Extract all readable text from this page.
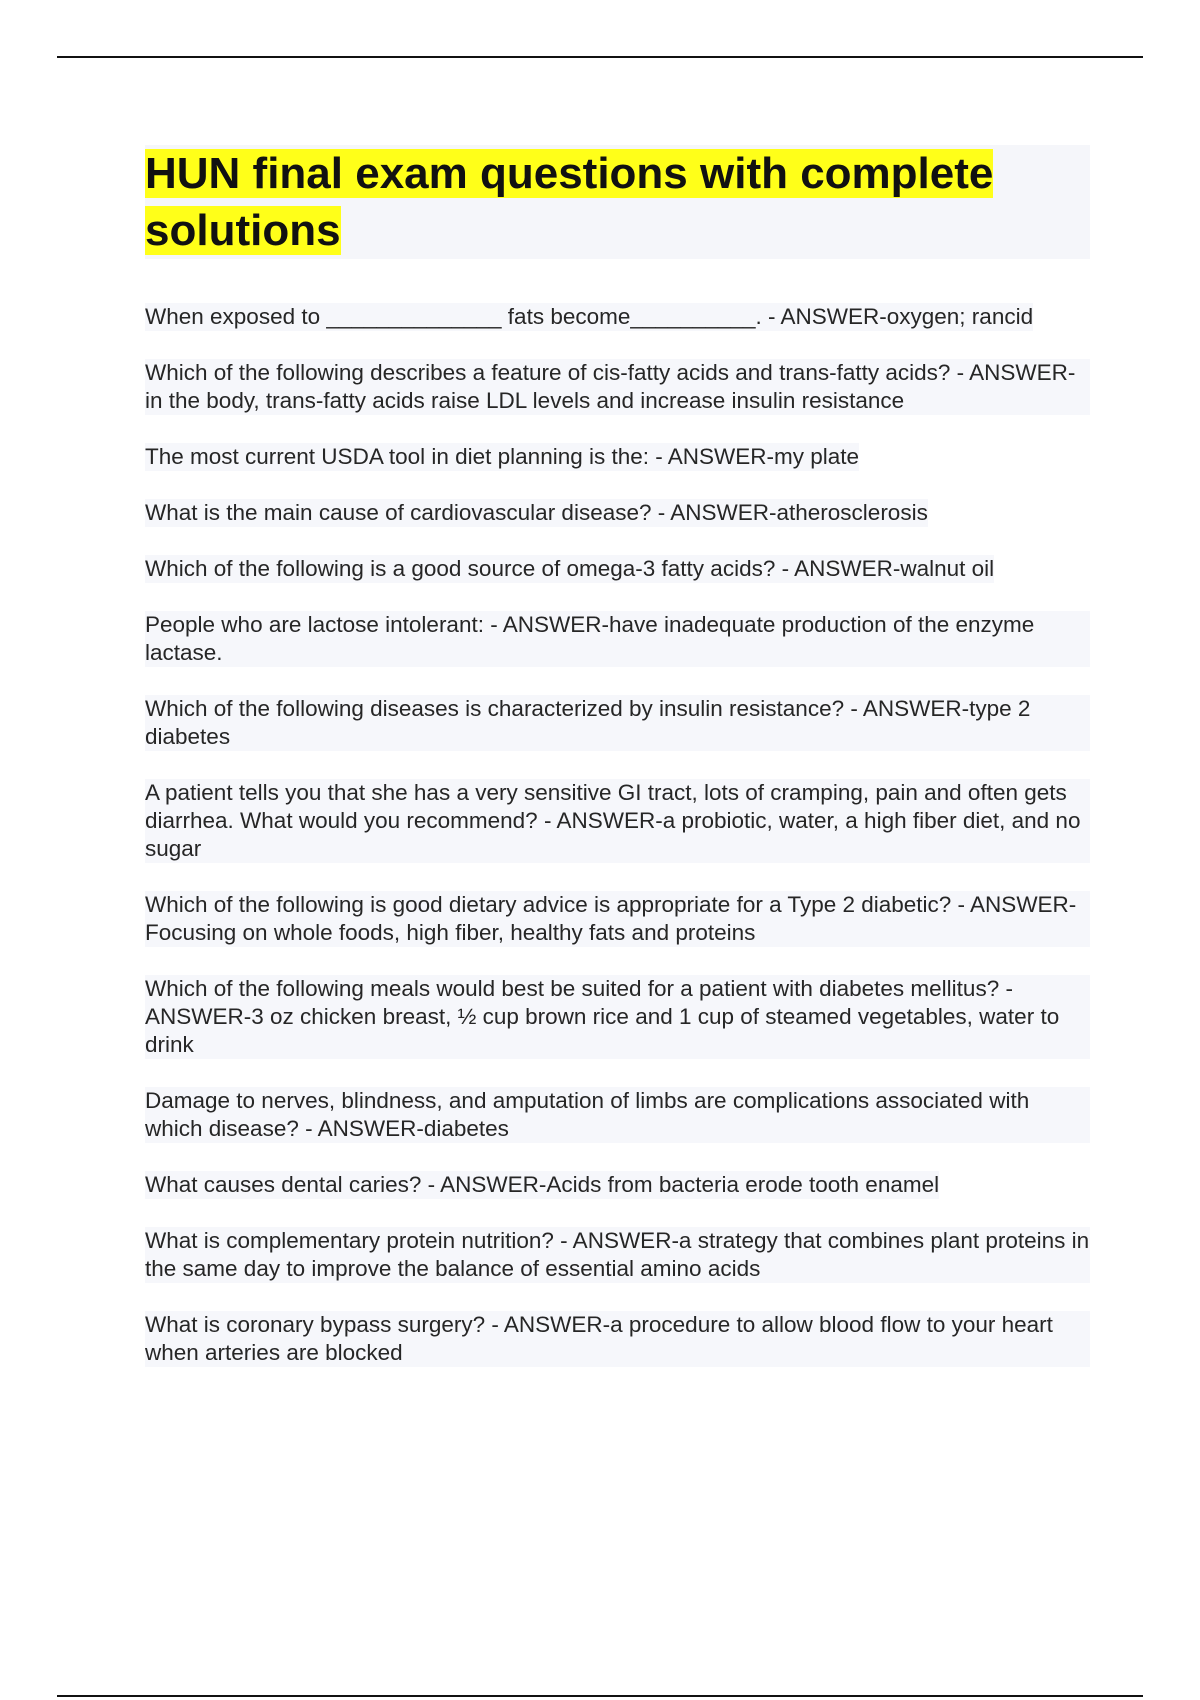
HUN final exam questions with complete solutions

When exposed to ______________ fats become__________. - ANSWER-oxygen; rancid

Which of the following describes a feature of cis-fatty acids and trans-fatty acids? - ANSWER-in the body, trans-fatty acids raise LDL levels and increase insulin resistance

The most current USDA tool in diet planning is the: - ANSWER-my plate

What is the main cause of cardiovascular disease? - ANSWER-atherosclerosis

Which of the following is a good source of omega-3 fatty acids? - ANSWER-walnut oil

People who are lactose intolerant: - ANSWER-have inadequate production of the enzyme lactase.

Which of the following diseases is characterized by insulin resistance? - ANSWER-type 2 diabetes

A patient tells you that she has a very sensitive GI tract, lots of cramping, pain and often gets diarrhea. What would you recommend? - ANSWER-a probiotic, water, a high fiber diet, and no sugar

Which of the following is good dietary advice is appropriate for a Type 2 diabetic? - ANSWER-Focusing on whole foods, high fiber, healthy fats and proteins

Which of the following meals would best be suited for a patient with diabetes mellitus? - ANSWER-3 oz chicken breast, ½ cup brown rice and 1 cup of steamed vegetables, water to drink

Damage to nerves, blindness, and amputation of limbs are complications associated with which disease? - ANSWER-diabetes

What causes dental caries? - ANSWER-Acids from bacteria erode tooth enamel

What is complementary protein nutrition? - ANSWER-a strategy that combines plant proteins in the same day to improve the balance of essential amino acids

What is coronary bypass surgery? - ANSWER-a procedure to allow blood flow to your heart when arteries are blocked
